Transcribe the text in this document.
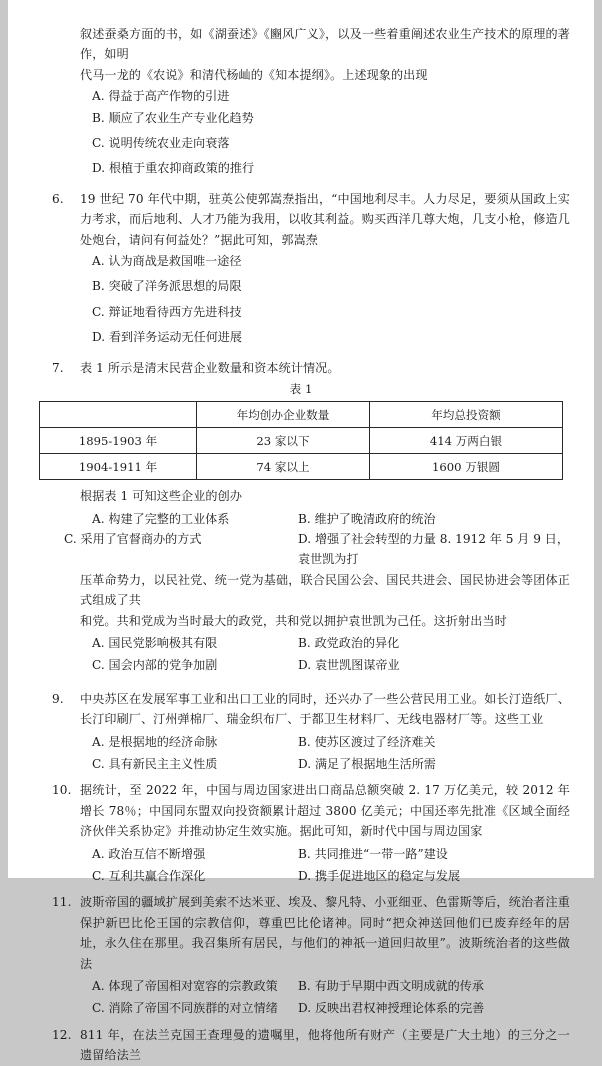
叙述蚕桑方面的书，如《湖蚕述》《豳风广义》，以及一些着重阐述农业生产技术的原理的著作，如明
代马一龙的《农说》和清代杨屾的《知本提纲》。上述现象的出现
A. 得益于高产作物的引进
B. 顺应了农业生产专业化趋势
C. 说明传统农业走向衰落
D. 根植于重农抑商政策的推行
6.	19 世纪 70 年代中期，驻英公使郭嵩焘指出，“中国地利尽丰。人力尽足，要须从国政上实力考求，而后地利、人才乃能为我用，以收其利益。购买西洋几尊大炮，几支小枪，修造几处炮台，请问有何益处？”据此可知，郭嵩焘
A. 认为商战是救国唯一途径
B. 突破了洋务派思想的局限
C. 辩证地看待西方先进科技
D. 看到洋务运动无任何进展
7.	表 1 所示是清末民营企业数量和资本统计情况。
表 1
	年均创办企业数量	年均总投资额
1895-1903 年	23 家以下	414 万两白银
1904-1911 年	74 家以上	1600 万银圆
根据表 1 可知这些企业的创办
A. 构建了完整的工业体系	B. 维护了晚清政府的统治
C. 采用了官督商办的方式	D. 增强了社会转型的力量 8. 1912 年 5 月 9 日，袁世凯为打
压革命势力，以民社党、统一党为基础，联合民国公会、国民共进会、国民协进会等团体正式组成了共
和党。共和党成为当时最大的政党，共和党以拥护袁世凯为己任。这折射出当时
A. 国民党影响极其有限	B. 政党政治的异化
C. 国会内部的党争加剧	D. 袁世凯图谋帝业
9.	中央苏区在发展军事工业和出口工业的同时，还兴办了一些公营民用工业。如长汀造纸厂、长汀印刷厂、汀州弹棉厂、瑞金织布厂、于都卫生材料厂、无线电器材厂等。这些工业
A. 是根据地的经济命脉	B. 使苏区渡过了经济难关
C. 具有新民主主义性质	D. 满足了根据地生活所需
10. 据统计，至 2022 年，中国与周边国家进出口商品总额突破 2. 17 万亿美元，较 2012 年增长 78％；中国同东盟双向投资额累计超过 3800 亿美元；中国还率先批准《区域全面经济伙伴关系协定》并推动协定生效实施。据此可知，新时代中国与周边国家
A. 政治互信不断增强	B. 共同推进“一带一路”建设
C. 互利共赢合作深化	D. 携手促进地区的稳定与发展
11. 波斯帝国的疆域扩展到美索不达米亚、埃及、黎凡特、小亚细亚、色雷斯等后，统治者注重保护新巴比伦王国的宗教信仰，尊重巴比伦诸神。同时“把众神送回他们已废弃经年的居址，永久住在那里。我召集所有居民，与他们的神祇一道回归故里”。波斯统治者的这些做法
A. 体现了帝国相对宽容的宗教政策	B. 有助于早期中西文明成就的传承
C. 消除了帝国不同族群的对立情绪	D. 反映出君权神授理论体系的完善
12. 811 年，在法兰克国王查理曼的遗嘱里，他将他所有财产（主要是广大土地）的三分之一遗留给法兰
